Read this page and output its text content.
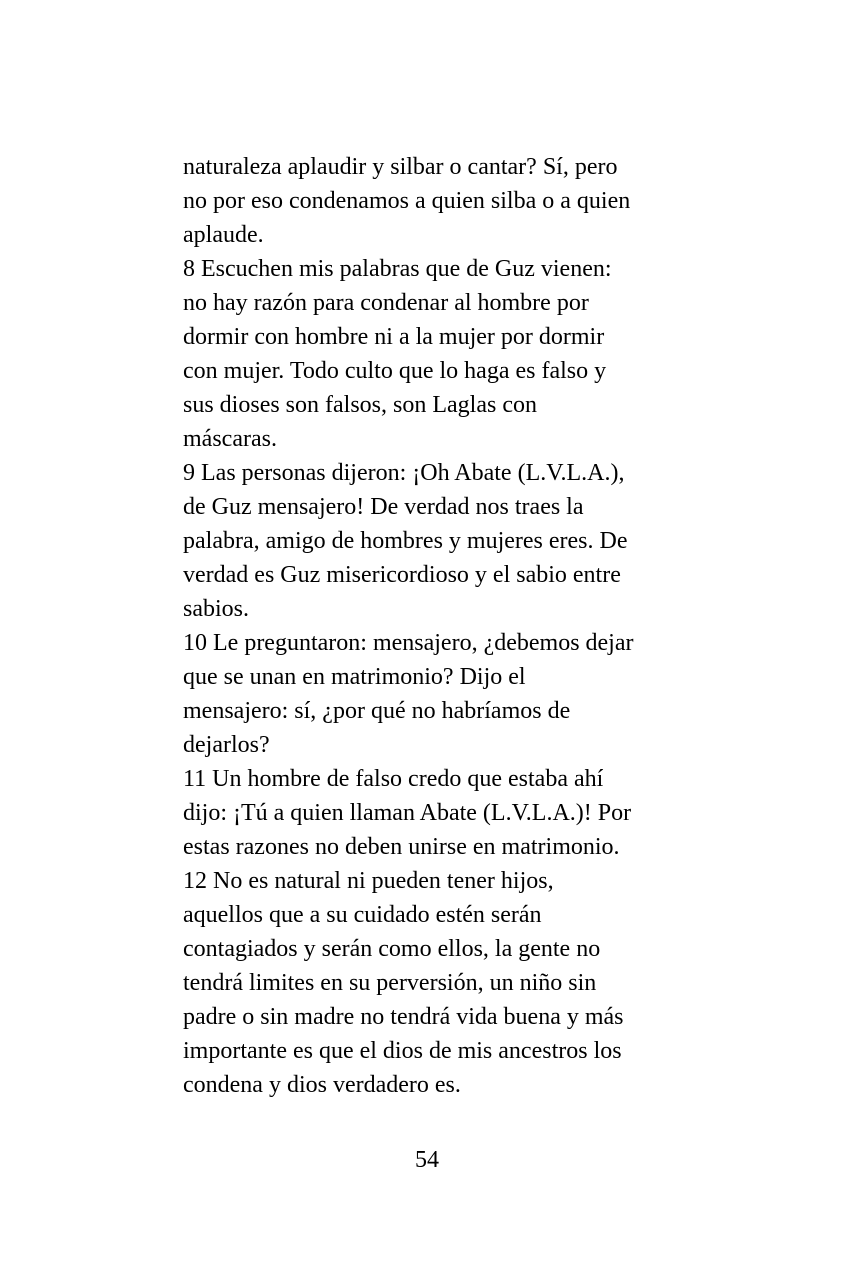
naturaleza aplaudir y silbar o cantar? Sí, pero
no por eso condenamos a quien silba o a quien
aplaude.
8 Escuchen mis palabras que de Guz vienen:
no hay razón para condenar al hombre por
dormir con hombre ni a la mujer por dormir
con mujer. Todo culto que lo haga es falso y
sus dioses son falsos, son Laglas con
máscaras.
9 Las personas dijeron: ¡Oh Abate (L.V.L.A.),
de Guz mensajero! De verdad nos traes la
palabra, amigo de hombres y mujeres eres. De
verdad es Guz misericordioso y el sabio entre
sabios.
10 Le preguntaron: mensajero, ¿debemos dejar
que se unan en matrimonio? Dijo el
mensajero: sí, ¿por qué no habríamos de
dejarlos?
11 Un hombre de falso credo que estaba ahí
dijo: ¡Tú a quien llaman Abate (L.V.L.A.)! Por
estas razones no deben unirse en matrimonio.
12 No es natural ni pueden tener hijos,
aquellos que a su cuidado estén serán
contagiados y serán como ellos, la gente no
tendrá limites en su perversión, un niño sin
padre o sin madre no tendrá vida buena y más
importante es que el dios de mis ancestros los
condena y dios verdadero es.
54
